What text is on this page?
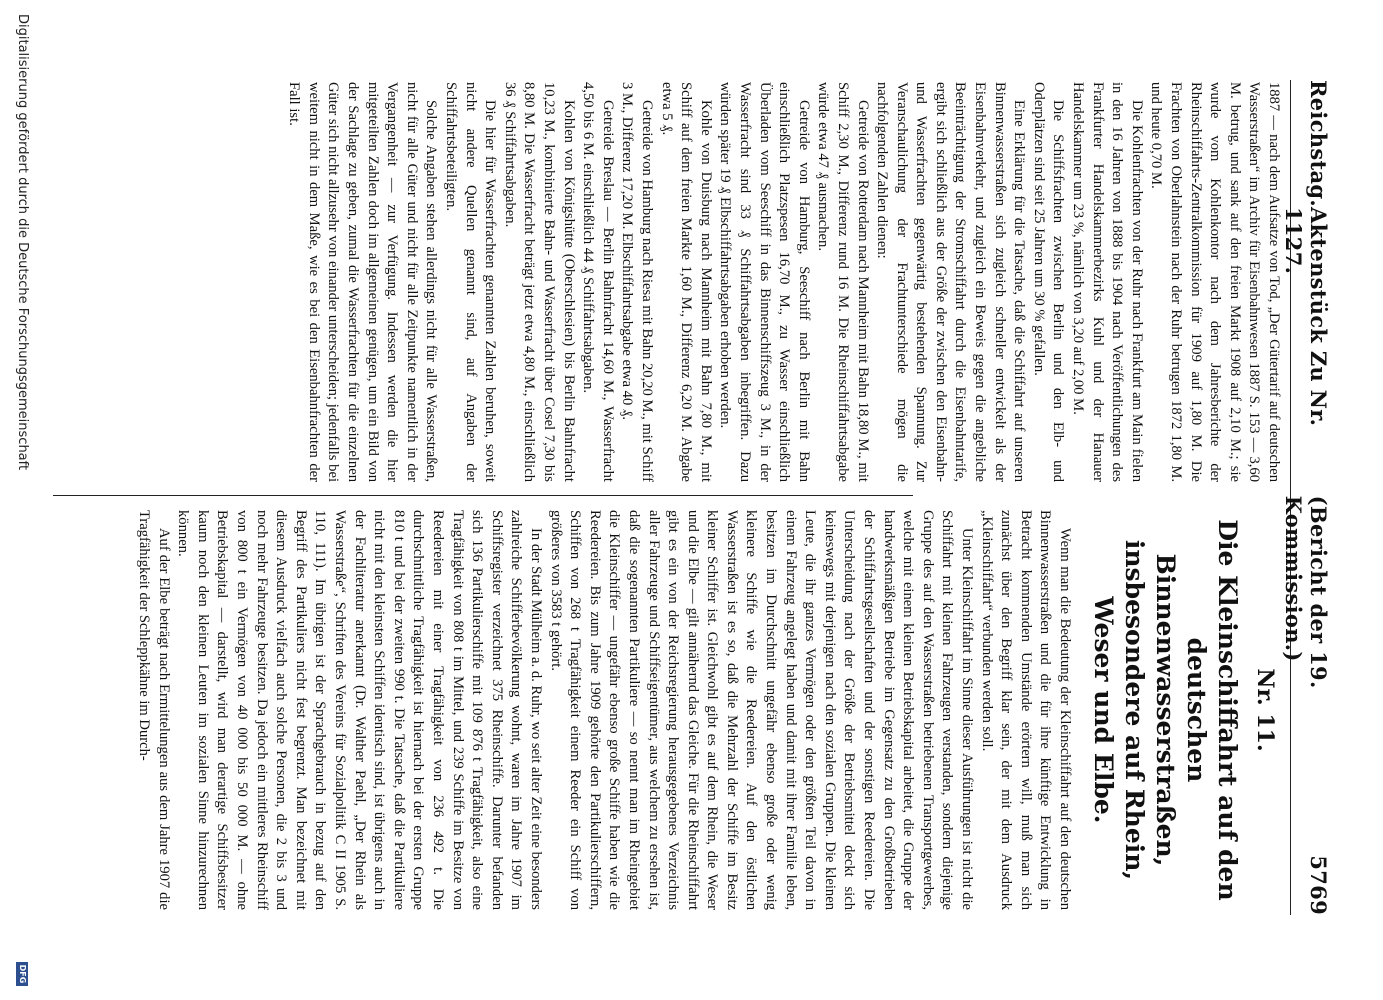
Reichstag.
Aktenstück Zu Nr. 1127.
(Bericht der 19. Kommission.)
5769

1887 — nach dem Aufsatze von Tod, „Der Gütertarif auf deutschen Wasserstraßen“ im Archiv für Eisenbahnwesen 1887 S. 153 — 3,60 M. betrug, und sank auf den freien Markt 1908 auf 2,10 M.; sie wurde vom Kohlenkontor nach dem Jahresberichte der Rheinschiffahrts-Zentralkommission für 1909 auf 1,80 M. Die Frachten von Oberlahnstein nach der Ruhr betrugen 1872 1,80 M. und heute 0,70 M.

Die Kohlenfrachten von der Ruhr nach Frankfurt am Main fielen in den 16 Jahren von 1888 bis 1904 nach Veröffentlichungen des Frankfurter Handelskammerbezirks Kuhl und der Hanauer Handelskammer um 23 %, nämlich von 3,20 auf 2,00 M.

Die Schiffsfrachten zwischen Berlin und den Elb- und Oderplätzen sind seit 25 Jahren um 30 % gefallen.

Eine Erklärung für die Tatsache, daß die Schiffahrt auf unseren Binnenwasserstraßen sich zugleich schneller entwickelt als der Eisenbahnverkehr, und zugleich ein Beweis gegen die angebliche Beeinträchtigung der Stromschiffahrt durch die Eisenbahntarife, ergibt sich schließlich aus der Größe der zwischen den Eisenbahn- und Wasserfrachten gegenwärtig bestehenden Spannung. Zur Veranschaulichung der Frachtunterschiede mögen die nachfolgenden Zahlen dienen:

Getreide von Rotterdam nach Mannheim mit Bahn 18,80 M., mit Schiff 2,30 M., Differenz rund 16 M. Die Rheinschiffahrtsabgabe würde etwa 47 ₰ ausmachen.

Getreide von Hamburg, Seeschiff nach Berlin mit Bahn einschließlich Platzspesen 16,70 M., zu Wasser einschließlich Überladen vom Seeschiff in das Binnenschiffszeug 3 M., in der Wasserfracht sind 33 ₰ Schiffahrtsabgaben inbegriffen. Dazu würden später 19 ₰ Elbschiffahrtsabgaben erhoben werden.

Kohle von Duisburg nach Mannheim mit Bahn 7,80 M., mit Schiff auf dem freien Markte 1,60 M., Differenz 6,20 M. Abgabe etwa 5 ₰.

Getreide von Hamburg nach Riesa mit Bahn 20,20 M., mit Schiff 3 M., Differenz 17,20 M. Elbschiffahrtsabgabe etwa 40 ₰.

Getreide Breslau — Berlin Bahnfracht 14,60 M., Wasserfracht 4,50 bis 6 M. einschließlich 44 ₰ Schiffahrtsabgaben.

Kohlen von Königshütte (Oberschlesien) bis Berlin Bahnfracht 10,23 M., kombinierte Bahn- und Wasserfracht über Cosel 7,30 bis 8,80 M. Die Wasserfracht beträgt jetzt etwa 4,80 M., einschließlich 36 ₰ Schiffahrtsabgaben.

Die hier für Wasserfrachten genannten Zahlen beruhen, soweit nicht andere Quellen genannt sind, auf Angaben der Schiffahrtsbeteiligten.

Solche Angaben stehen allerdings nicht für alle Wasserstraßen, nicht für alle Güter und nicht für alle Zeitpunkte namentlich in der Vergangenheit — zur Verfügung. Indessen werden die hier mitgeteilten Zahlen doch im allgemeinen genügen, um ein Bild von der Sachlage zu geben, zumal die Wasserfrachten für die einzelnen Güter sich nicht allzusehr von einander unterscheiden; jedenfalls bei weitem nicht in dem Maße, wie es bei den Eisenbahnfrachten der Fall ist.

Nr. 11.
Die Kleinschiffahrt auf den deutschen Binnenwasserstraßen, insbesondere auf Rhein, Weser und Elbe.

Wenn man die Bedeutung der Kleinschiffahrt auf den deutschen Binnenwasserstraßen und die für ihre künftige Entwicklung in Betracht kommenden Umstände erörtern will, muß man sich zunächst über den Begriff klar sein, der mit dem Ausdruck „Kleinschiffahrt“ verbunden werden soll.

Unter Kleinschiffahrt im Sinne dieser Ausführungen ist nicht die Schiffahrt mit kleinen Fahrzeugen verstanden, sondern diejenige Gruppe des auf den Wasserstraßen betriebenen Transportgewerbes, welche mit einem kleinen Betriebskapital arbeitet, die Gruppe der handwerksmäßigen Betriebe im Gegensatz zu den Großbetrieben der Schiffahrtsgesellschaften und der sonstigen Reedereien. Die Unterscheidung nach der Größe der Betriebsmittel deckt sich keineswegs mit derjenigen nach den sozialen Gruppen. Die kleinen Leute, die ihr ganzes Vermögen oder den größten Teil davon in einem Fahrzeug angelegt haben und damit mit ihrer Familie leben, besitzen im Durchschnitt ungefähr ebenso große oder wenig kleinere Schiffe wie die Reedereien. Auf den östlichen Wasserstraßen ist es so, daß die Mehrzahl der Schiffe im Besitz kleiner Schiffer ist. Gleichwohl gibt es auf dem Rhein, die Weser und die Elbe — gilt annähernd das Gleiche. Für die Rheinschiffahrt gibt es ein von der Reichsregierung herausgegebenes Verzeichnis aller Fahrzeuge und Schiffseigentümer, aus welchem zu ersehen ist, daß die sogenannten Partikuliere — so nennt man im Rheingebiet die Kleinschiffer — ungefähr ebenso große Schiffe haben wie die Reedereien. Bis zum Jahre 1909 gehörte den Partikulierschiffern, Schiffen von 268 t Tragfähigkeit einem Reeder ein Schiff von größeres von 3583 t gehört.

In der Stadt Mülheim a. d. Ruhr, wo seit alter Zeit eine besonders zahlreiche Schifferbevölkerung wohnt, waren im Jahre 1907 im Schiffsregister verzeichnet 375 Rheinschiffe. Darunter befanden sich 136 Partikulierschiffe mit 109 876 t Tragfähigkeit, also eine Tragfähigkeit von 808 t im Mittel, und 239 Schiffe im Besitze von Reedereien mit einer Tragfähigkeit von 236 492 t. Die durchschnittliche Tragfähigkeit ist hiernach bei der ersten Gruppe 810 t und bei der zweiten 990 t. Die Tatsache, daß die Partikuliere nicht mit den kleinsten Schiffen identisch sind, ist übrigens auch in der Fachliteratur anerkannt (Dr. Walther Paehl, „Der Rhein als Wasserstraße“, Schriften des Vereins für Sozialpolitik C II 1905 S. 110, 111). Im übrigen ist der Sprachgebrauch in bezug auf den Begriff des Partikuliers nicht fest begrenzt. Man bezeichnet mit diesem Ausdruck vielfach auch solche Personen, die 2 bis 3 und noch mehr Fahrzeuge besitzen. Da jedoch ein mittleres Rheinschiff von 800 t ein Vermögen von 40 000 bis 50 000 M. — ohne Betriebskapital — darstellt, wird man derartige Schiffsbesitzer kaum noch den kleinen Leuten im sozialen Sinne hinzurechnen können.

Auf der Elbe beträgt nach Ermittelungen aus dem Jahre 1907 die Tragfähigkeit der Schleppkähne im Durch-

Digitalisierung gefördert durch die Deutsche Forschungsgemeinschaft
DFG
